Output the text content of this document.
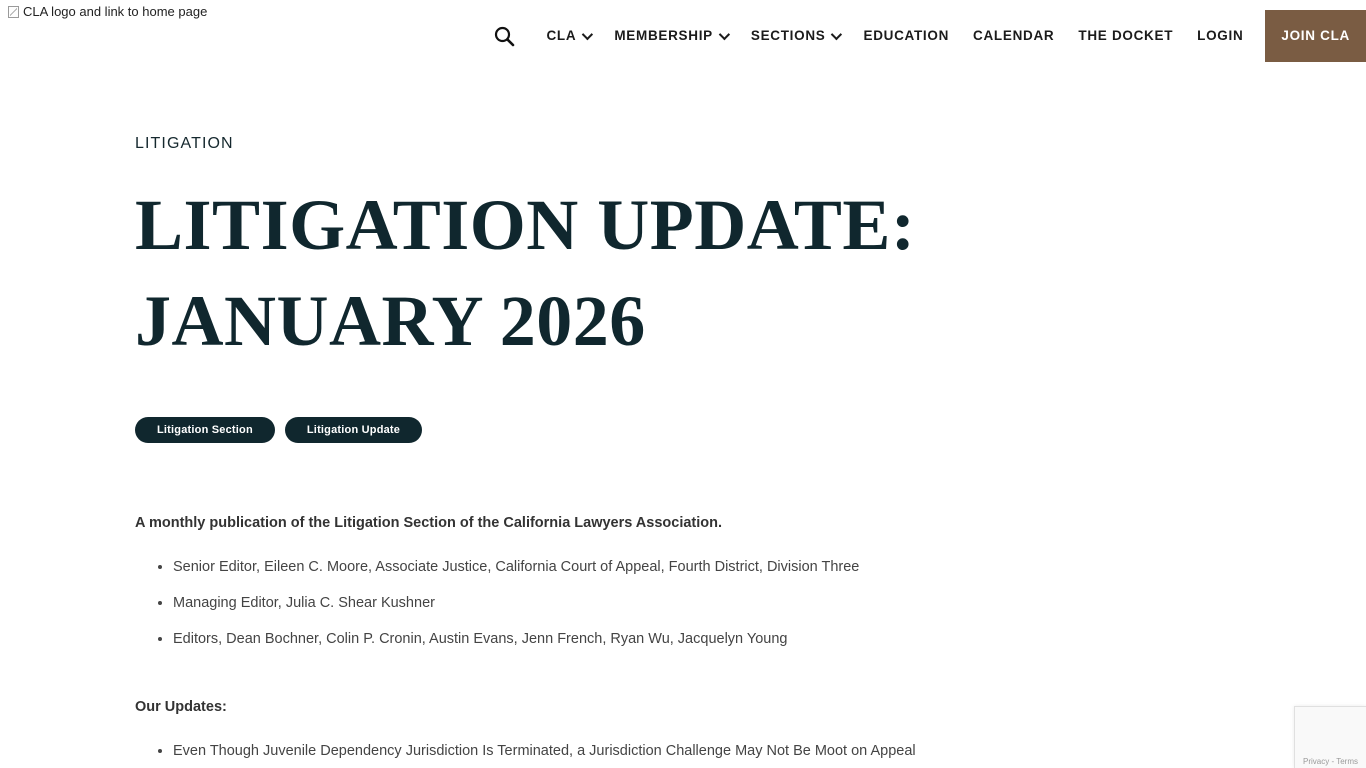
CLA logo and link to home page
CLA	MEMBERSHIP	SECTIONS	EDUCATION CALENDAR THE DOCKET LOGIN	JOIN CLA
LITIGATION
LITIGATION UPDATE: JANUARY 2026
Litigation Section	Litigation Update

A monthly publication of the Litigation Section of the California Lawyers Association.

• Senior Editor, Eileen C. Moore, Associate Justice, California Court of Appeal, Fourth District, Division Three
• Managing Editor, Julia C. Shear Kushner
• Editors, Dean Bochner, Colin P. Cronin, Austin Evans, Jenn French, Ryan Wu, Jacquelyn Young

Our Updates:

• Even Though Juvenile Dependency Jurisdiction Is Terminated, a Jurisdiction Challenge May Not Be Moot on Appeal
Privacy - Terms
